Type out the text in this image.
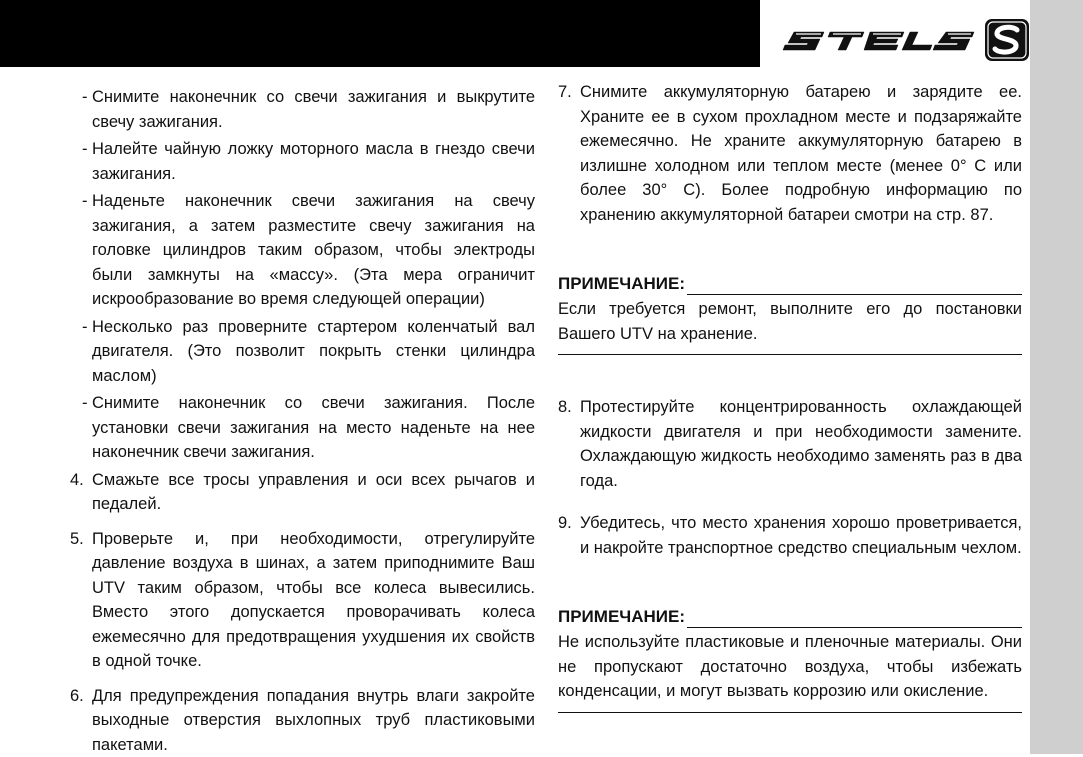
- Снимите наконечник со свечи зажигания и выкрутите свечу зажигания.

- Налейте чайную ложку моторного масла в гнездо свечи зажигания.

- Наденьте наконечник свечи зажигания на свечу зажигания, а затем разместите свечу зажигания на головке цилиндров таким образом, чтобы электроды были замкнуты на «массу». (Эта мера ограничит искрообразование во время следующей операции)

- Несколько раз проверните стартером коленчатый вал двигателя. (Это позволит покрыть стенки цилиндра маслом)

- Снимите наконечник со свечи зажигания. После установки свечи зажигания на место наденьте на нее наконечник свечи зажигания.

4. Смажьте все тросы управления и оси всех рычагов и педалей.

5. Проверьте и, при необходимости, отрегулируйте давление воздуха в шинах, а затем приподнимите Ваш UTV таким образом, чтобы все колеса вывесились. Вместо этого допускается проворачивать колеса ежемесячно для предотвращения ухудшения их свойств в одной точке.

6. Для предупреждения попадания внутрь влаги закройте выходные отверстия выхлопных труб пластиковыми пакетами.

7. Снимите аккумуляторную батарею и зарядите ее. Храните ее в сухом прохладном месте и подзаряжайте ежемесячно. Не храните аккумуляторную батарею в излишне холодном или теплом месте (менее 0° С или более 30° С). Более подробную информацию по хранению аккумуляторной батареи смотри на стр. 87.

ПРИМЕЧАНИЕ:

Если требуется ремонт, выполните его до постановки Вашего UTV на хранение.

8. Протестируйте концентрированность охлаждающей жидкости двигателя и при необходимости замените. Охлаждающую жидкость необходимо заменять раз в два года.

9. Убедитесь, что место хранения хорошо проветривается, и накройте транспортное средство специальным чехлом.

ПРИМЕЧАНИЕ:

Не используйте пластиковые и пленочные материалы. Они не пропускают достаточно воздуха, чтобы избежать конденсации, и могут вызвать коррозию или окисление.
